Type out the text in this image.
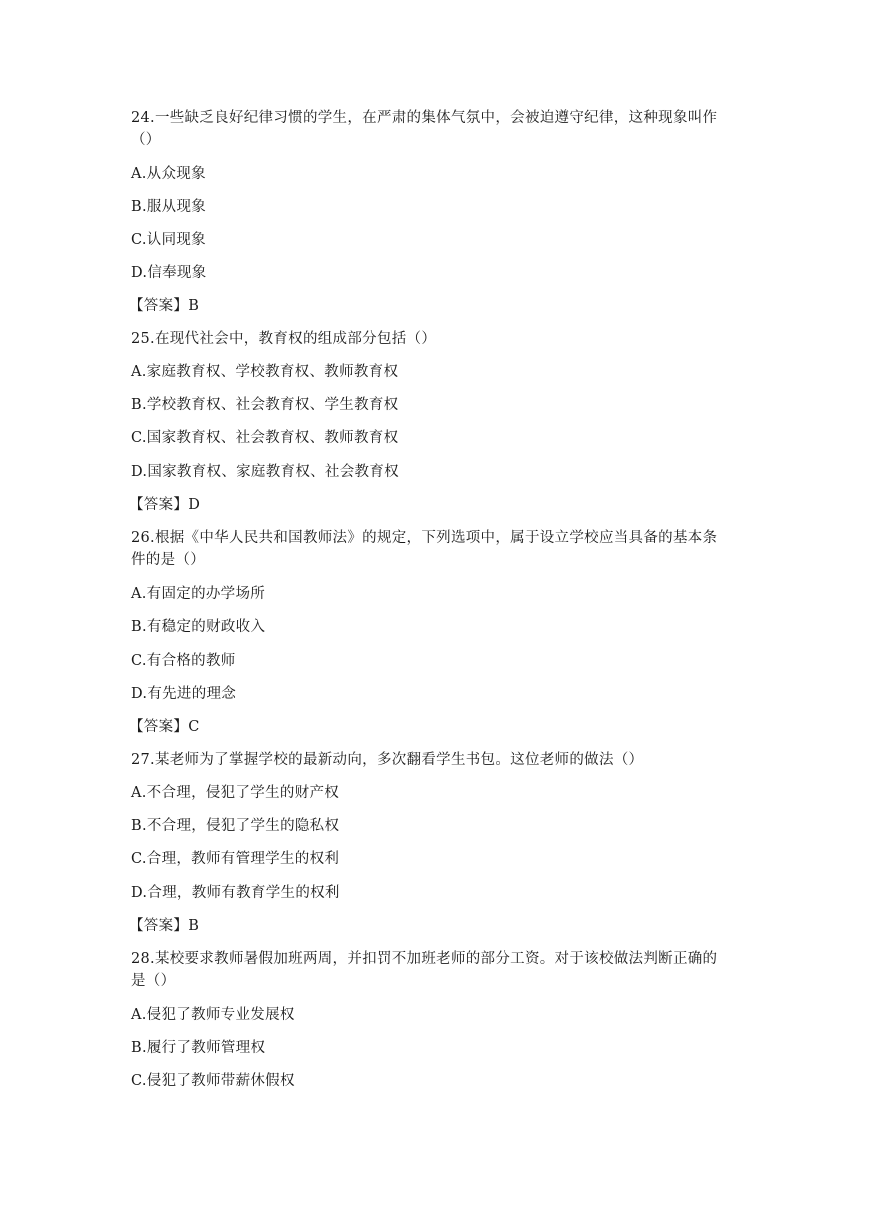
24.一些缺乏良好纪律习惯的学生，在严肃的集体气氛中，会被迫遵守纪律，这种现象叫作
（）
A.从众现象
B.服从现象
C.认同现象
D.信奉现象
【答案】B
25.在现代社会中，教育权的组成部分包括（）
A.家庭教育权、学校教育权、教师教育权
B.学校教育权、社会教育权、学生教育权
C.国家教育权、社会教育权、教师教育权
D.国家教育权、家庭教育权、社会教育权
【答案】D
26.根据《中华人民共和国教师法》的规定，下列选项中，属于设立学校应当具备的基本条
件的是（）
A.有固定的办学场所
B.有稳定的财政收入
C.有合格的教师
D.有先进的理念
【答案】C
27.某老师为了掌握学校的最新动向，多次翻看学生书包。这位老师的做法（）
A.不合理，侵犯了学生的财产权
B.不合理，侵犯了学生的隐私权
C.合理，教师有管理学生的权利
D.合理，教师有教育学生的权利
【答案】B
28.某校要求教师暑假加班两周，并扣罚不加班老师的部分工资。对于该校做法判断正确的
是（）
A.侵犯了教师专业发展权
B.履行了教师管理权
C.侵犯了教师带薪休假权
